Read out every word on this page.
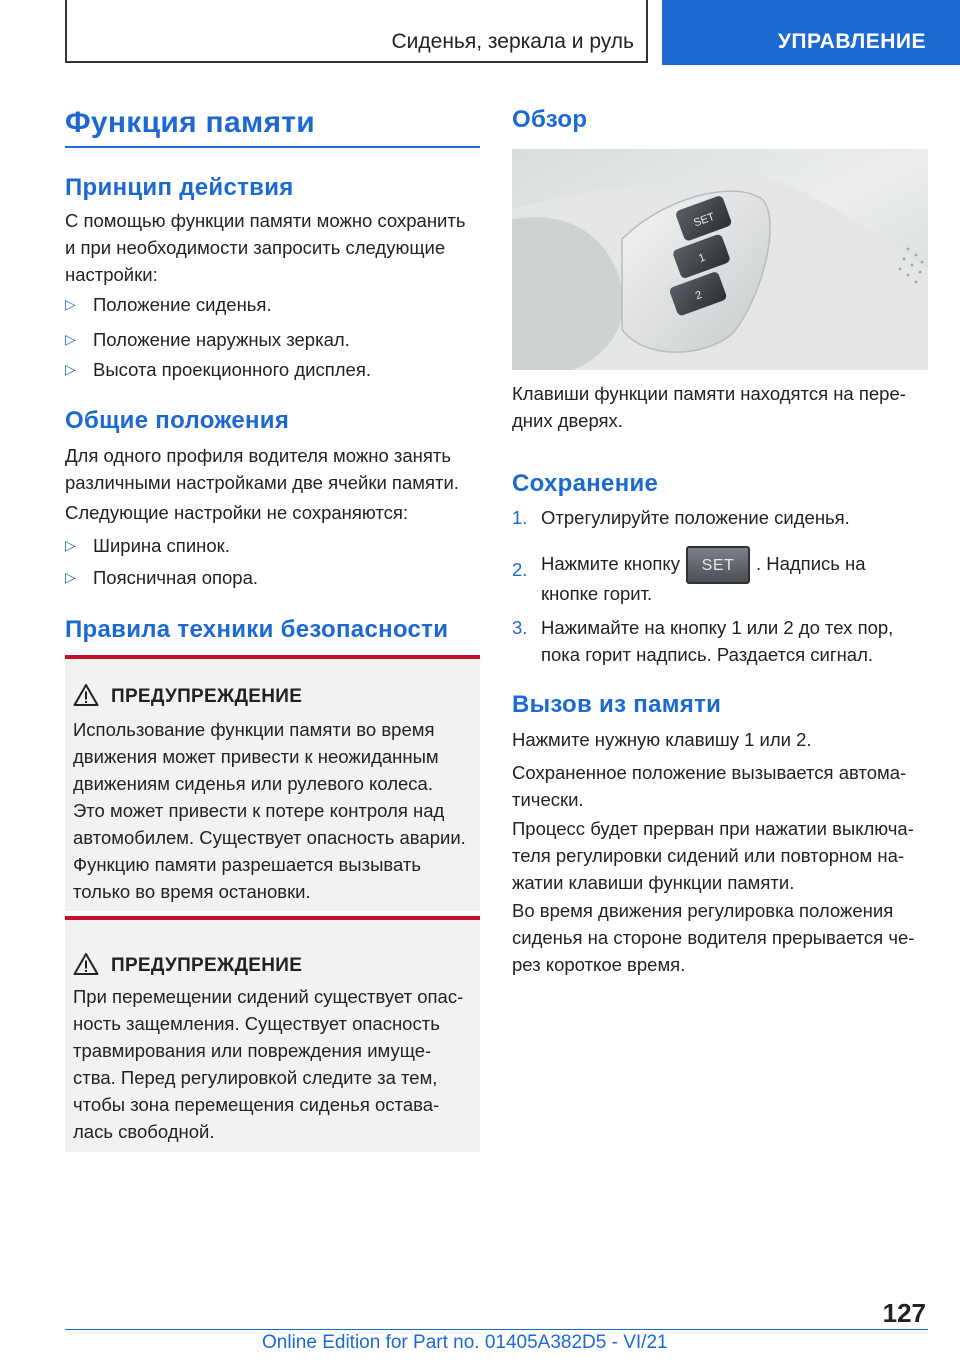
Сиденья, зеркала и руль	УПРАВЛЕНИЕ
Функция памяти
Принцип действия
С помощью функции памяти можно сохранить
и при необходимости запросить следующие
настройки:
▷ Положение сиденья.
▷ Положение наружных зеркал.
▷ Высота проекционного дисплея.
Общие положения
Для одного профиля водителя можно занять
различными настройками две ячейки памяти.
Следующие настройки не сохраняются:
▷ Ширина спинок.
▷ Поясничная опора.
Правила техники безопасности
ПРЕДУПРЕЖДЕНИЕ
Использование функции памяти во время
движения может привести к неожиданным
движениям сиденья или рулевого колеса.
Это может привести к потере контроля над
автомобилем. Существует опасность аварии.
Функцию памяти разрешается вызывать
только во время остановки.
ПРЕДУПРЕЖДЕНИЕ
При перемещении сидений существует опас-
ность защемления. Существует опасность
травмирования или повреждения имуще-
ства. Перед регулировкой следите за тем,
чтобы зона перемещения сиденья остава-
лась свободной.
Обзор
SET
1
2
Клавиши функции памяти находятся на пере-
дних дверях.
Сохранение
1. Отрегулируйте положение сиденья.
2. Нажмите кнопку SET . Надпись на
кнопке горит.
3. Нажимайте на кнопку 1 или 2 до тех пор,
пока горит надпись. Раздается сигнал.
Вызов из памяти
Нажмите нужную клавишу 1 или 2.
Сохраненное положение вызывается автома-
тически.
Процесс будет прерван при нажатии выключа-
теля регулировки сидений или повторном на-
жатии клавиши функции памяти.
Во время движения регулировка положения
сиденья на стороне водителя прерывается че-
рез короткое время.
127
Online Edition for Part no. 01405A382D5 - VI/21
